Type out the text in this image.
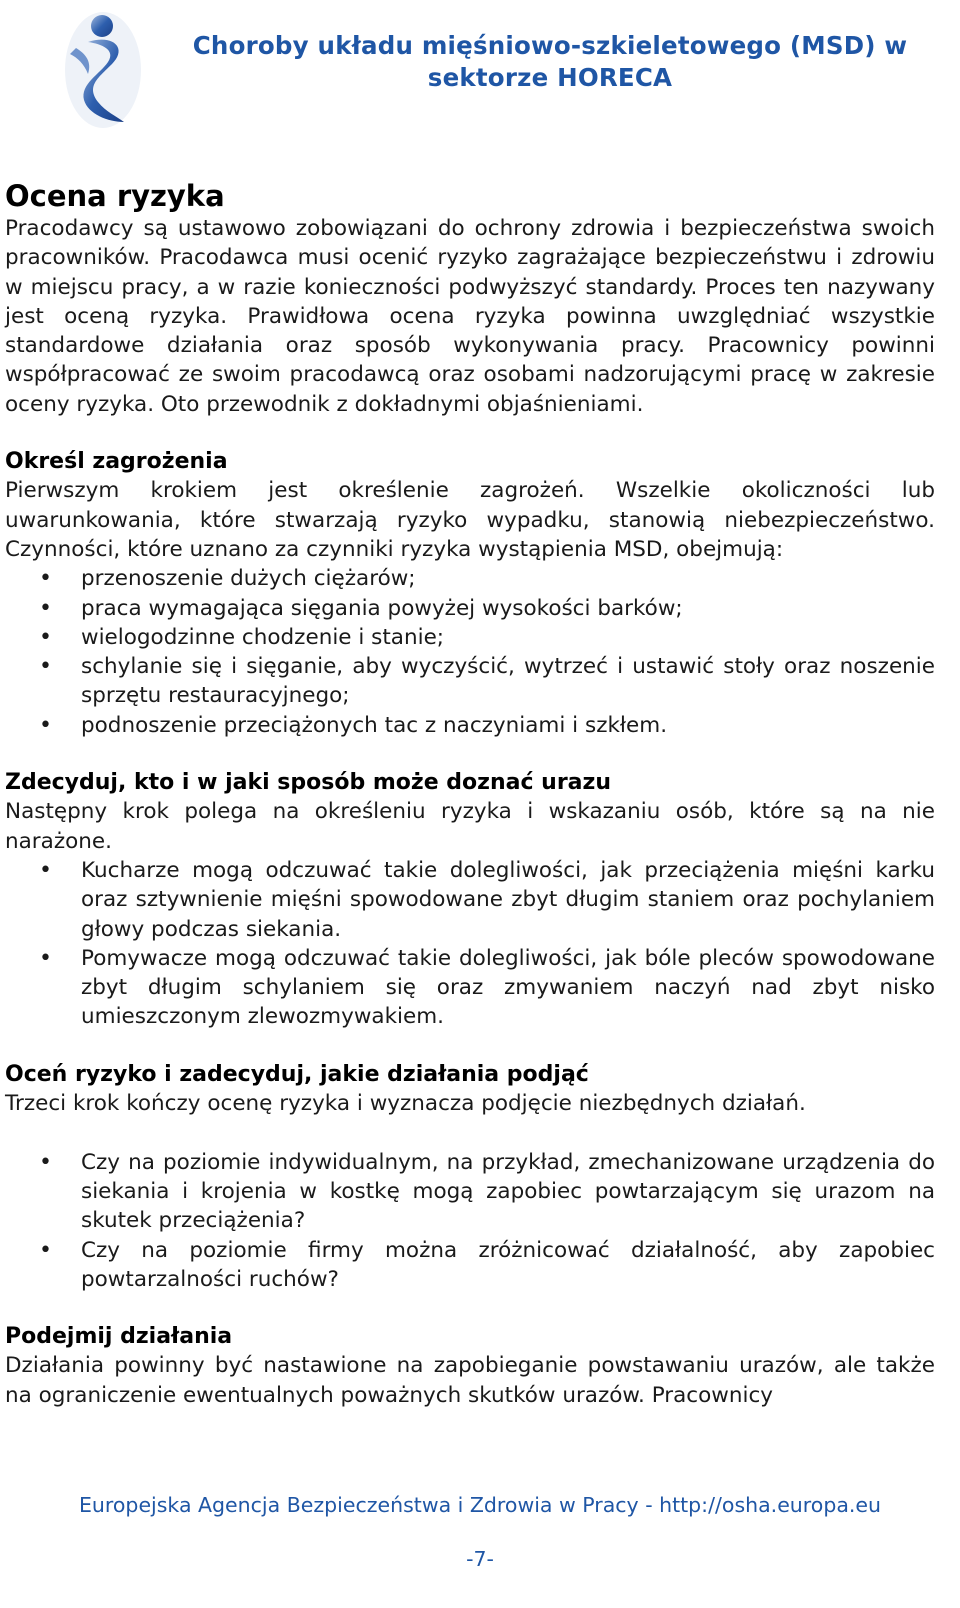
Choroby układu mięśniowo-szkieletowego (MSD) w
sektorze HORECA
Ocena ryzyka

Pracodawcy są ustawowo zobowiązani do ochrony zdrowia i bezpieczeństwa swoich pracowników. Pracodawca musi ocenić ryzyko zagrażające bezpieczeństwu i zdrowiu w miejscu pracy, a w razie konieczności podwyższyć standardy. Proces ten nazywany jest oceną ryzyka. Prawidłowa ocena ryzyka powinna uwzględniać wszystkie standardowe działania oraz sposób wykonywania pracy. Pracownicy powinni współpracować ze swoim pracodawcą oraz osobami nadzorującymi pracę w zakresie oceny ryzyka. Oto przewodnik z dokładnymi objaśnieniami.

Określ zagrożenia

Pierwszym krokiem jest określenie zagrożeń. Wszelkie okoliczności lub uwarunkowania, które stwarzają ryzyko wypadku, stanowią niebezpieczeństwo. Czynności, które uznano za czynniki ryzyka wystąpienia MSD, obejmują:

• przenoszenie dużych ciężarów;
• praca wymagająca sięgania powyżej wysokości barków;
• wielogodzinne chodzenie i stanie;
• schylanie się i sięganie, aby wyczyścić, wytrzeć i ustawić stoły oraz noszenie sprzętu restauracyjnego;
• podnoszenie przeciążonych tac z naczyniami i szkłem.
Zdecyduj, kto i w jaki sposób może doznać urazu

Następny krok polega na określeniu ryzyka i wskazaniu osób, które są na nie narażone.

• Kucharze mogą odczuwać takie dolegliwości, jak przeciążenia mięśni karku oraz sztywnienie mięśni spowodowane zbyt długim staniem oraz pochylaniem głowy podczas siekania.
• Pomywacze mogą odczuwać takie dolegliwości, jak bóle pleców spowodowane zbyt długim schylaniem się oraz zmywaniem naczyń nad zbyt nisko umieszczonym zlewozmywakiem.
Oceń ryzyko i zadecyduj, jakie działania podjąć

Trzeci krok kończy ocenę ryzyka i wyznacza podjęcie niezbędnych działań.

• Czy na poziomie indywidualnym, na przykład, zmechanizowane urządzenia do siekania i krojenia w kostkę mogą zapobiec powtarzającym się urazom na skutek przeciążenia?
• Czy na poziomie firmy można zróżnicować działalność, aby zapobiec powtarzalności ruchów?
Podejmij działania

Działania powinny być nastawione na zapobieganie powstawaniu urazów, ale także na ograniczenie ewentualnych poważnych skutków urazów. Pracownicy

Europejska Agencja Bezpieczeństwa i Zdrowia w Pracy - http://osha.europa.eu
-7-
